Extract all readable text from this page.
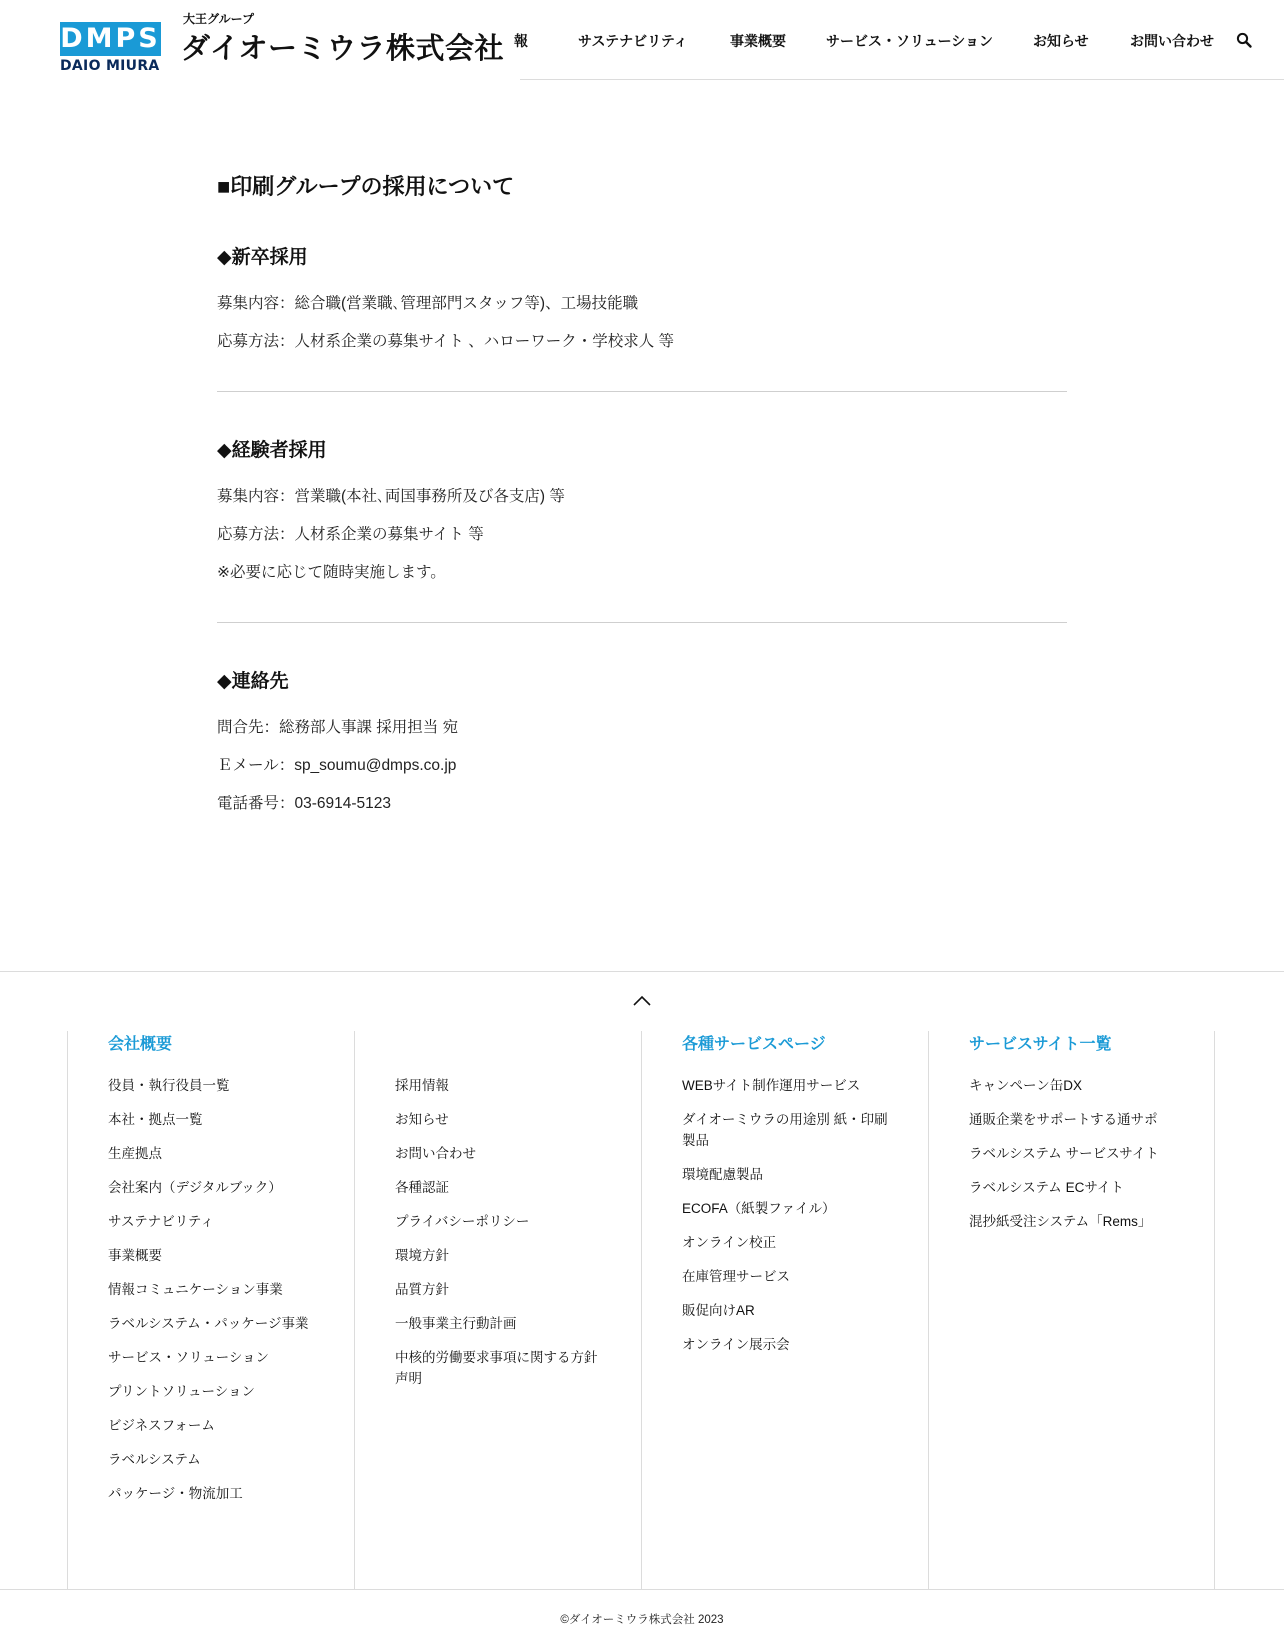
DMPS
DAIO MIURA
大王グループ
ダイオーミウラ株式会社 報	サステナビリティ	事業概要	サービス・ソリューション	お知らせ	お問い合わせ
■印刷グループの採用について
◆新卒採用

募集内容：総合職(営業職､管理部門スタッフ等)、工場技能職

応募方法：人材系企業の募集サイト 、ハローワーク・学校求人 等

◆経験者採用

募集内容：営業職(本社､両国事務所及び各支店) 等

応募方法：人材系企業の募集サイト 等

※必要に応じて随時実施します。

◆連絡先

問合先：総務部人事課 採用担当 宛

Ｅメール：sp_soumu@dmps.co.jp

電話番号：03-6914-5123

会社概要
役員・執行役員一覧
本社・拠点一覧
生産拠点
会社案内（デジタルブック）
サステナビリティ
事業概要
情報コミュニケーション事業
ラベルシステム・パッケージ事業
サービス・ソリューション
プリントソリューション
ビジネスフォーム
ラベルシステム
パッケージ・物流加工
採用情報
お知らせ
お問い合わせ
各種認証
プライバシーポリシー
環境方針
品質方針
一般事業主行動計画
中核的労働要求事項に関する方針声明
各種サービスページ
WEBサイト制作運用サービス
ダイオーミウラの用途別 紙・印刷製品
環境配慮製品
ECOFA（紙製ファイル）
オンライン校正
在庫管理サービス
販促向けAR
オンライン展示会
サービスサイト一覧
キャンペーン缶DX
通販企業をサポートする通サポ
ラベルシステム サービスサイト
ラベルシステム ECサイト
混抄紙受注システム「Rems」
©ダイオーミウラ株式会社 2023
